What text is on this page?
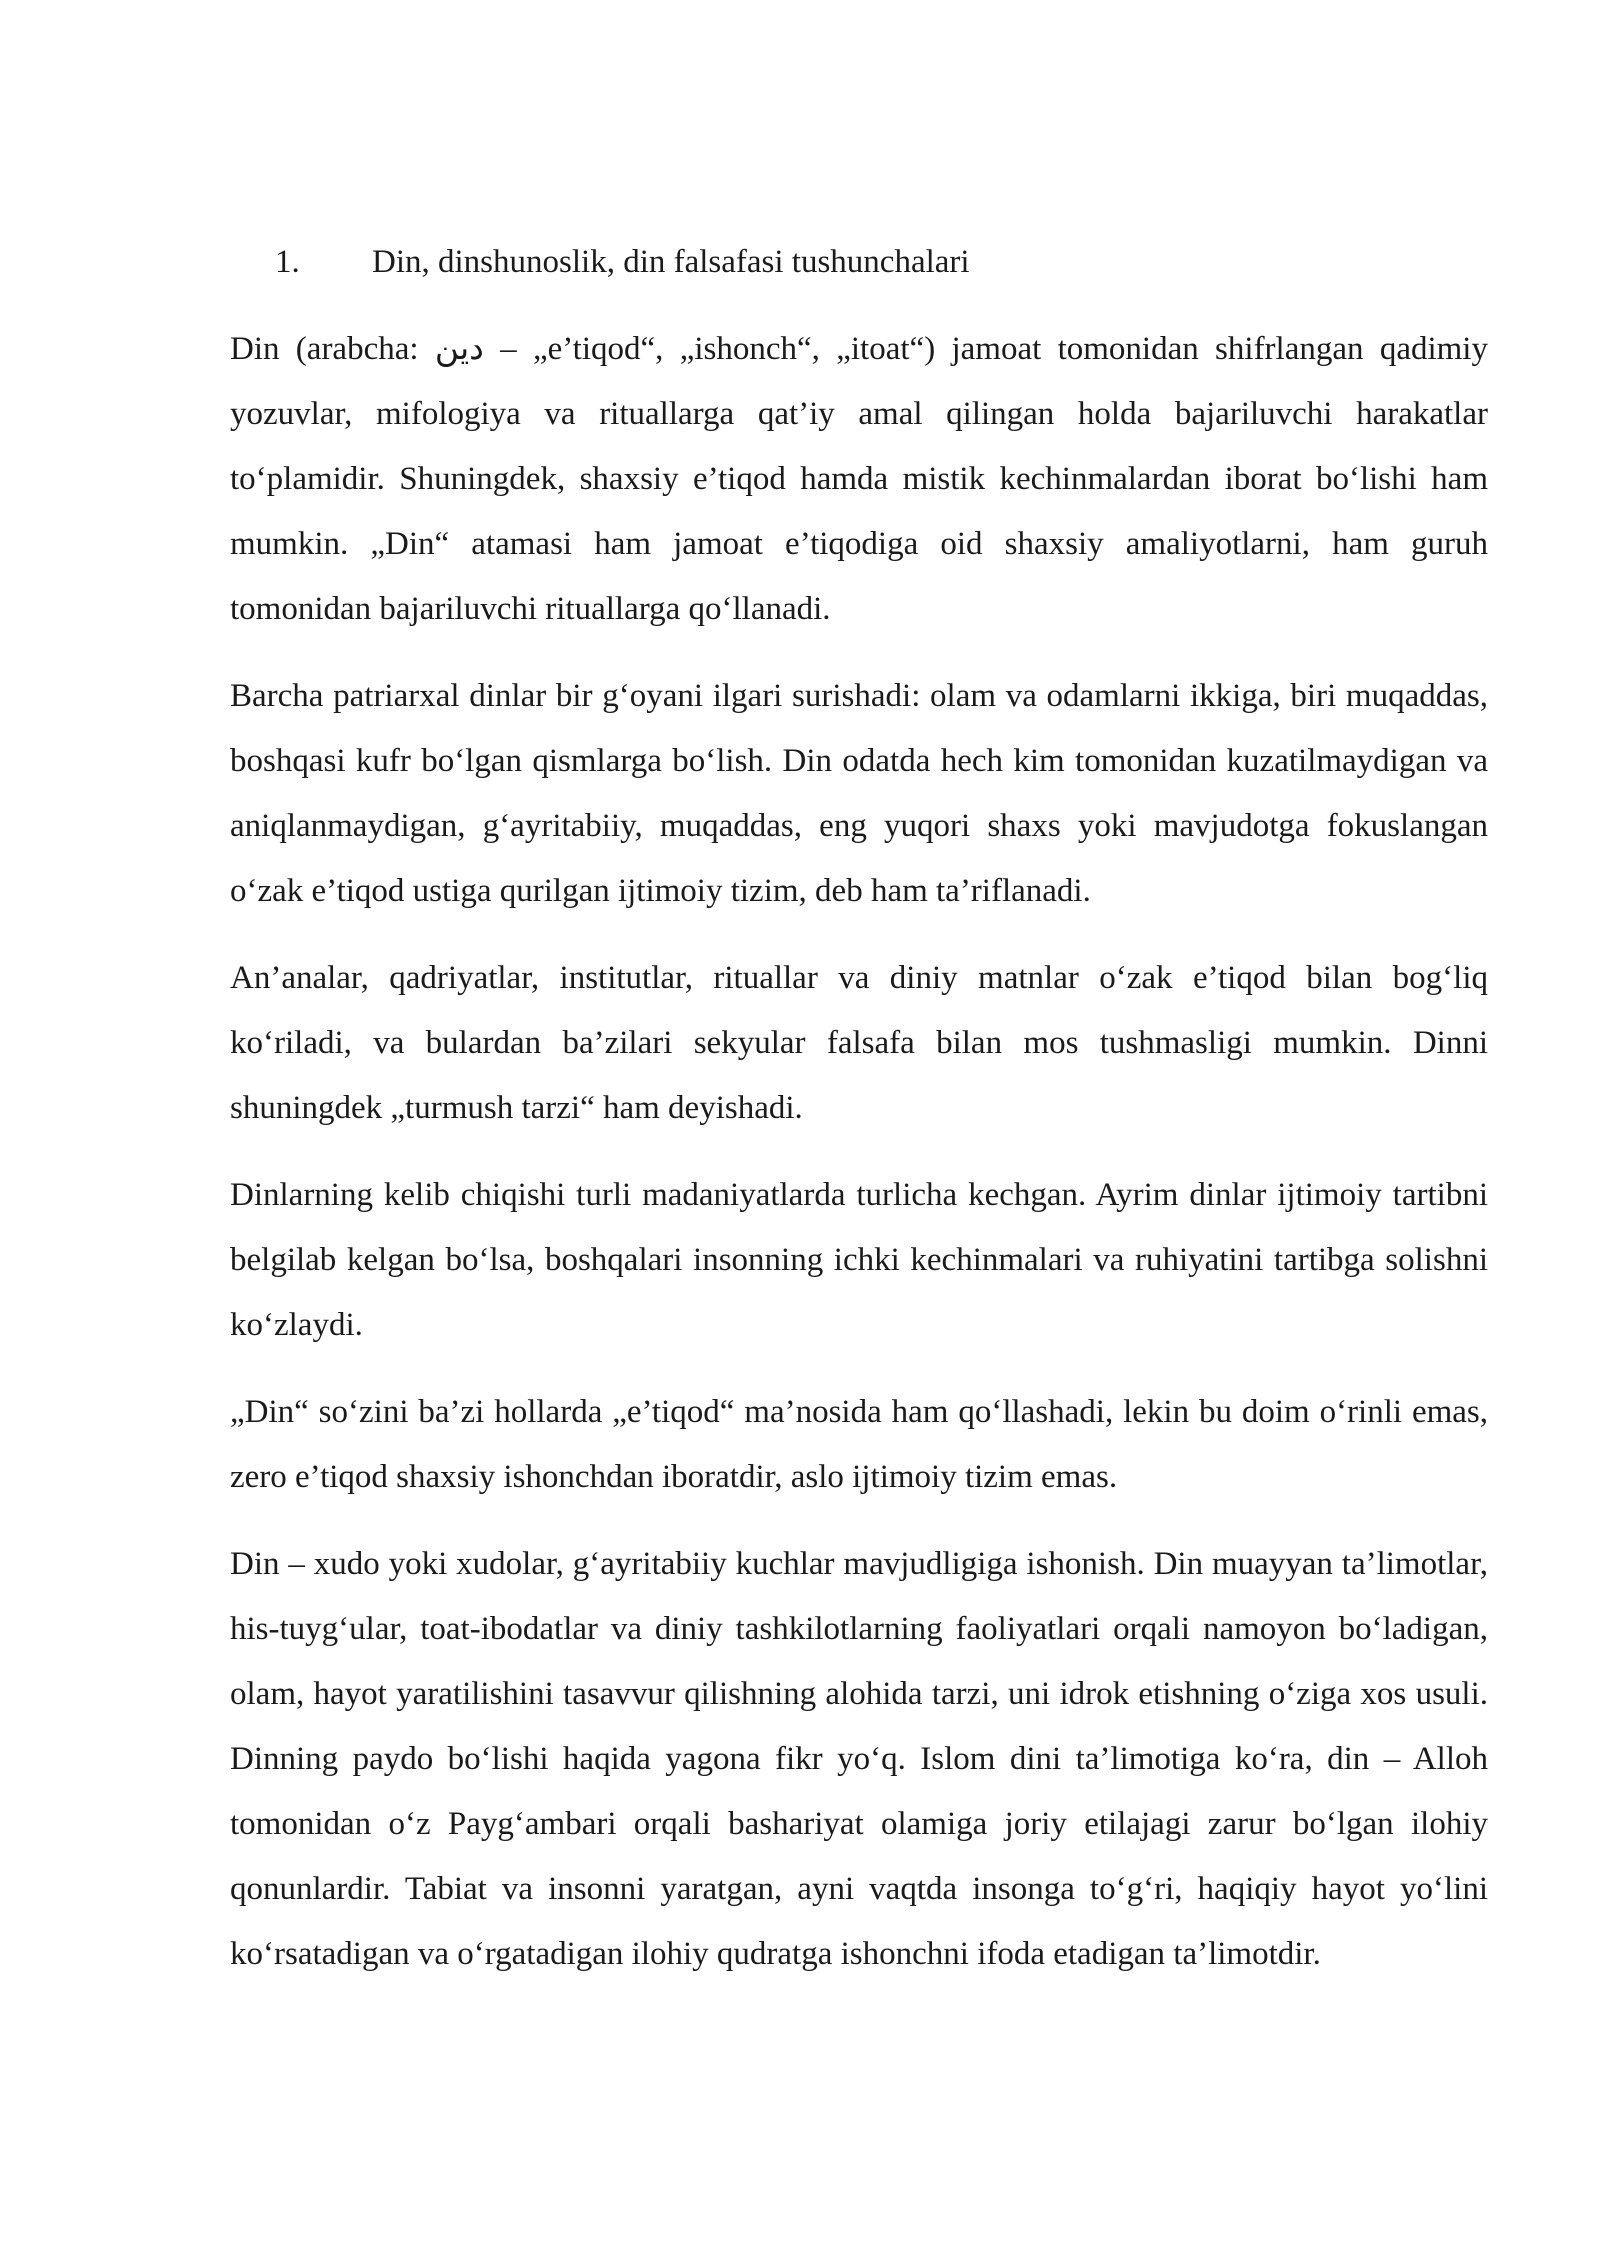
1.	Din, dinshunoslik, din falsafasi tushunchalari

Din (arabcha: دين – „e’tiqod“, „ishonch“, „itoat“) jamoat tomonidan shifrlangan qadimiy yozuvlar, mifologiya va rituallarga qat’iy amal qilingan holda bajariluvchi harakatlar to‘plamidir. Shuningdek, shaxsiy e’tiqod hamda mistik kechinmalardan iborat bo‘lishi ham mumkin. „Din“ atamasi ham jamoat e’tiqodiga oid shaxsiy amaliyotlarni, ham guruh tomonidan bajariluvchi rituallarga qo‘llanadi.

Barcha patriarxal dinlar bir g‘oyani ilgari surishadi: olam va odamlarni ikkiga, biri muqaddas, boshqasi kufr bo‘lgan qismlarga bo‘lish. Din odatda hech kim tomonidan kuzatilmaydigan va aniqlanmaydigan, g‘ayritabiiy, muqaddas, eng yuqori shaxs yoki mavjudotga fokuslangan o‘zak e’tiqod ustiga qurilgan ijtimoiy tizim, deb ham ta’riflanadi.

An’analar, qadriyatlar, institutlar, rituallar va diniy matnlar o‘zak e’tiqod bilan bog‘liq ko‘riladi, va bulardan ba’zilari sekyular falsafa bilan mos tushmasligi mumkin. Dinni shuningdek „turmush tarzi“ ham deyishadi.

Dinlarning kelib chiqishi turli madaniyatlarda turlicha kechgan. Ayrim dinlar ijtimoiy tartibni belgilab kelgan bo‘lsa, boshqalari insonning ichki kechinmalari va ruhiyatini tartibga solishni ko‘zlaydi.

„Din“ so‘zini ba’zi hollarda „e’tiqod“ ma’nosida ham qo‘llashadi, lekin bu doim o‘rinli emas, zero e’tiqod shaxsiy ishonchdan iboratdir, aslo ijtimoiy tizim emas.

Din – xudo yoki xudolar, g‘ayritabiiy kuchlar mavjudligiga ishonish. Din muayyan ta’limotlar, his-tuyg‘ular, toat-ibodatlar va diniy tashkilotlarning faoliyatlari orqali namoyon bo‘ladigan, olam, hayot yaratilishini tasavvur qilishning alohida tarzi, uni idrok etishning o‘ziga xos usuli. Dinning paydo bo‘lishi haqida yagona fikr yo‘q. Islom dini ta’limotiga ko‘ra, din – Alloh tomonidan o‘z Payg‘ambari orqali bashariyat olamiga joriy etilajagi zarur bo‘lgan ilohiy qonunlardir. Tabiat va insonni yaratgan, ayni vaqtda insonga to‘g‘ri, haqiqiy hayot yo‘lini ko‘rsatadigan va o‘rgatadigan ilohiy qudratga ishonchni ifoda etadigan ta’limotdir.
